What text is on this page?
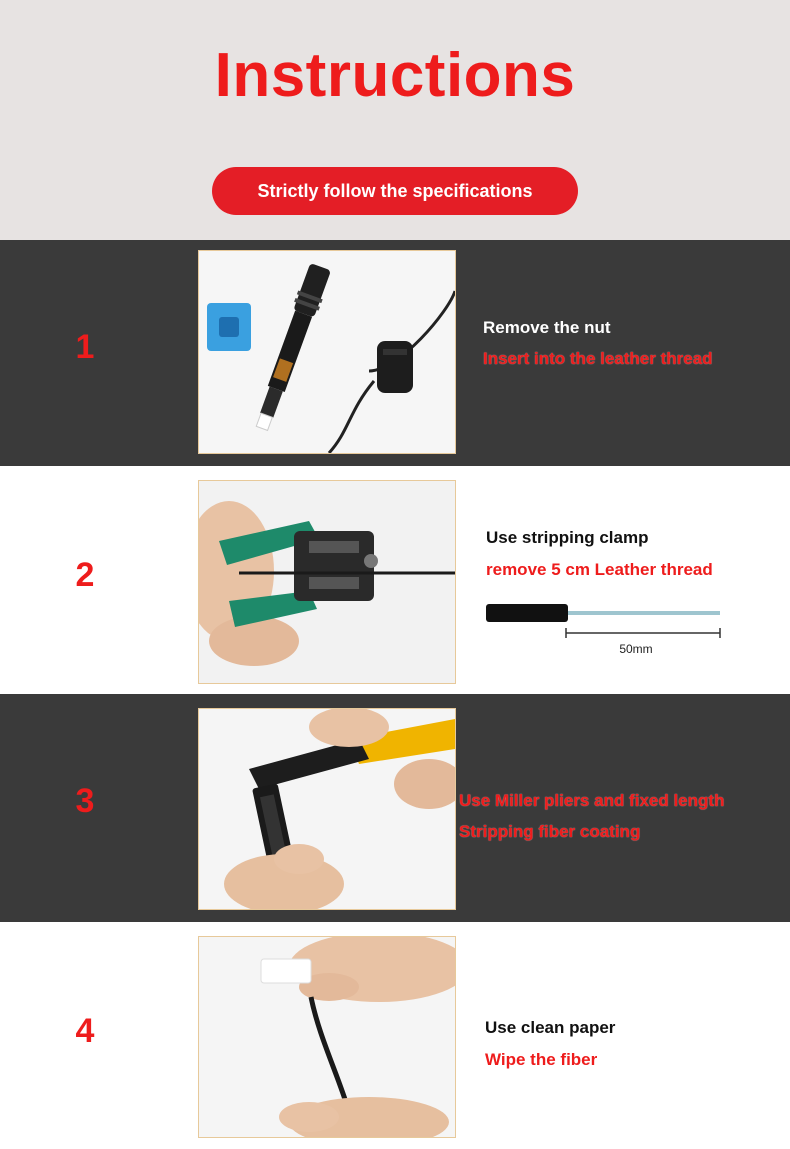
Instructions
Strictly follow the specifications
1
Remove the nut
Insert into the leather thread
2
Use stripping clamp
remove 5 cm Leather thread
50mm
3	Use Miller pliers and fixed length
Stripping fiber coating
4	Use clean paper
Wipe the fiber
